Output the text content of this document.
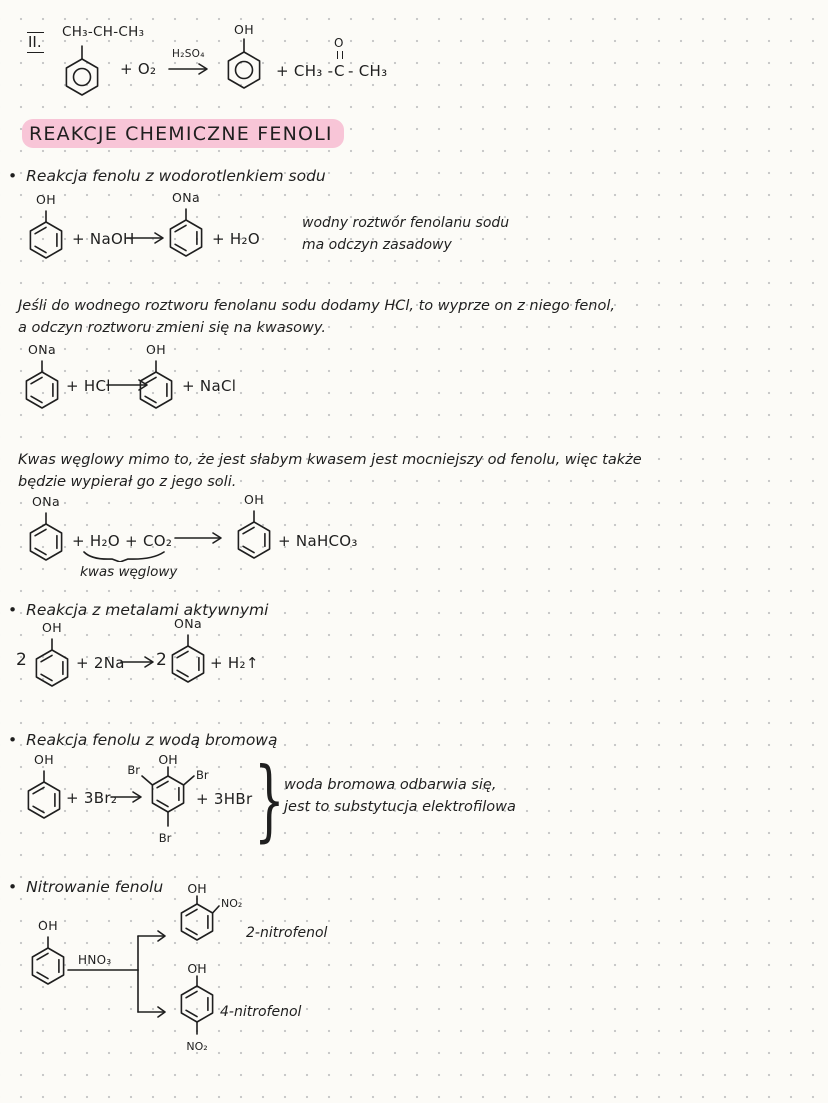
II.
CH₃-CH-CH₃
+ O₂
H₂SO₄
OH
+ CH₃ -
O
C - CH₃
REAKCJE CHEMICZNE FENOLI
• Reakcja fenolu z wodorotlenkiem sodu
OH
+ NaOH
ONa
+ H₂O
wodny roztwór fenolanu sodu
ma odczyn zasadowy
Jeśli do wodnego roztworu fenolanu sodu dodamy HCl, to wyprze on z niego fenol,
a odczyn roztworu zmieni się na kwasowy.
ONa
+ HCl
OH
+ NaCl
Kwas węglowy mimo to, że jest słabym kwasem jest mocniejszy od fenolu, więc także
będzie wypierał go z jego soli.
ONa
+ H₂O + CO₂
kwas węglowy
OH
+ NaHCO₃
• Reakcja z metalami aktywnymi
2
OH
+ 2Na 2
ONa
+ H₂↑
• Reakcja fenolu z wodą bromową
OH
+ 3Br₂
OH
Br	Br
Br
+ 3HBr } woda bromowa odbarwia się,
jest to substytucja elektrofilowa
• Nitrowanie fenolu
OH
HNO₃
OH
NO₂
2-nitrofenol
OH
NO₂
4-nitrofenol
